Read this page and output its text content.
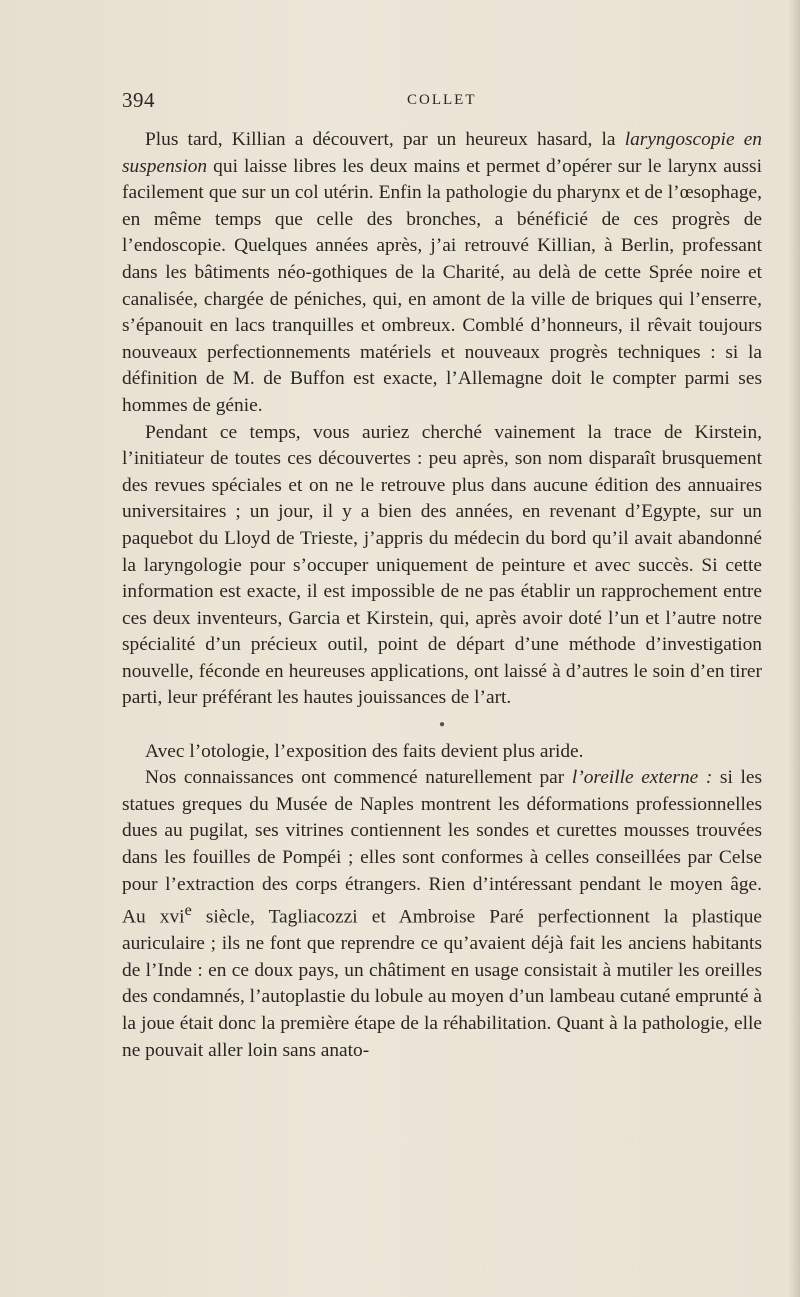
394	COLLET

Plus tard, Killian a découvert, par un heureux hasard, la laryngoscopie en suspension qui laisse libres les deux mains et permet d’opérer sur le larynx aussi facilement que sur un col utérin. Enfin la pathologie du pharynx et de l’œsophage, en même temps que celle des bronches, a bénéficié de ces progrès de l’endoscopie. Quelques années après, j’ai retrouvé Killian, à Berlin, professant dans les bâtiments néo-gothiques de la Charité, au delà de cette Sprée noire et canalisée, chargée de péniches, qui, en amont de la ville de briques qui l’enserre, s’épanouit en lacs tranquilles et ombreux. Comblé d’honneurs, il rêvait toujours nouveaux perfectionnements matériels et nouveaux progrès techniques : si la définition de M. de Buffon est exacte, l’Allemagne doit le compter parmi ses hommes de génie.

Pendant ce temps, vous auriez cherché vainement la trace de Kirstein, l’initiateur de toutes ces découvertes : peu après, son nom disparaît brusquement des revues spéciales et on ne le retrouve plus dans aucune édition des annuaires universitaires ; un jour, il y a bien des années, en revenant d’Egypte, sur un paquebot du Lloyd de Trieste, j’appris du médecin du bord qu’il avait abandonné la laryngologie pour s’occuper uniquement de peinture et avec succès. Si cette information est exacte, il est impossible de ne pas établir un rapprochement entre ces deux inventeurs, Garcia et Kirstein, qui, après avoir doté l’un et l’autre notre spécialité d’un précieux outil, point de départ d’une méthode d’investigation nouvelle, féconde en heureuses applications, ont laissé à d’autres le soin d’en tirer parti, leur préférant les hautes jouissances de l’art.

●

Avec l’otologie, l’exposition des faits devient plus aride.

Nos connaissances ont commencé naturellement par l’oreille externe : si les statues greques du Musée de Naples montrent les déformations professionnelles dues au pugilat, ses vitrines contiennent les sondes et curettes mousses trouvées dans les fouilles de Pompéi ; elles sont conformes à celles conseillées par Celse pour l’extraction des corps étrangers. Rien d’intéressant pendant le moyen âge. Au xvi$^e$ siècle, Tagliacozzi et Ambroise Paré perfectionnent la plastique auriculaire ; ils ne font que reprendre ce qu’avaient déjà fait les anciens habitants de l’Inde : en ce doux pays, un châtiment en usage consistait à mutiler les oreilles des condamnés, l’autoplastie du lobule au moyen d’un lambeau cutané emprunté à la joue était donc la première étape de la réhabilitation. Quant à la pathologie, elle ne pouvait aller loin sans anato-
